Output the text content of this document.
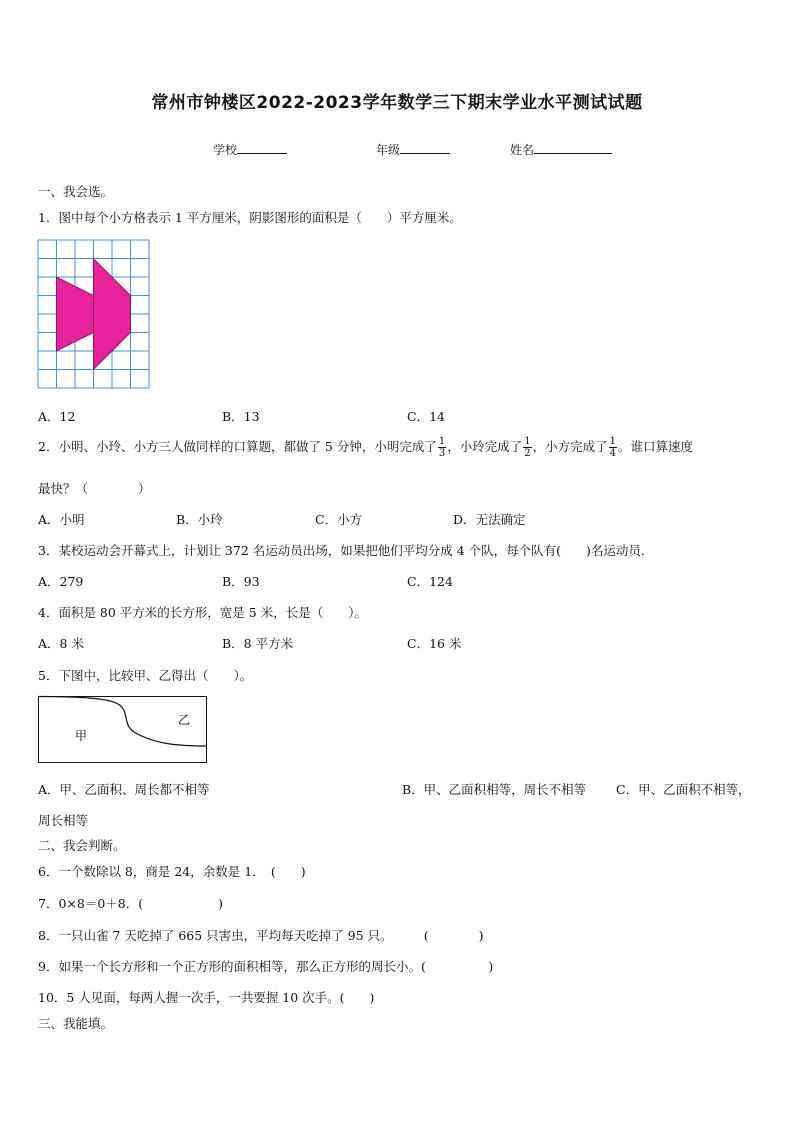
常州市钟楼区2022-2023学年数学三下期末学业水平测试试题
学校	年级	姓名
一、我会选。
1．图中每个小方格表示 1 平方厘米，阴影图形的面积是（　　）平方厘米。
A．12	B．13	C．14
2．小明、小玲、小方三人做同样的口算题，都做了 5 分钟，小明完成了 $\frac{1}{3}$ ，小玲完成了 $\frac{1}{2}$ ，小方完成了 $\frac{1}{4}$ 。谁口算速度
最快？（　　　　）
A．小明	B．小玲	C．小方	D．无法确定
3．某校运动会开幕式上，计划让 372 名运动员出场，如果把他们平均分成 4 个队，每个队有(　　)名运动员．
A．279	B．93	C．124
4．面积是 80 平方米的长方形，宽是 5 米，长是（　　）。
A．8 米	B．8 平方米	C．16 米
5．下图中，比较甲、乙得出（　　）。
甲
乙
A．甲、乙面积、周长都不相等	B．甲、乙面积相等，周长不相等 C．甲、乙面积不相等，
周长相等
二、我会判断。
6．一个数除以 8，商是 24，余数是 1．　(　　)
7．0×8＝0＋8．(　　　　　　)
8．一只山雀 7 天吃掉了 665 只害虫，平均每天吃掉了 95 只。　　　(　　　　)
9．如果一个长方形和一个正方形的面积相等，那么正方形的周长小。(　　　　　)
10．5 人见面，每两人握一次手，一共要握 10 次手。(　　)
三、我能填。
